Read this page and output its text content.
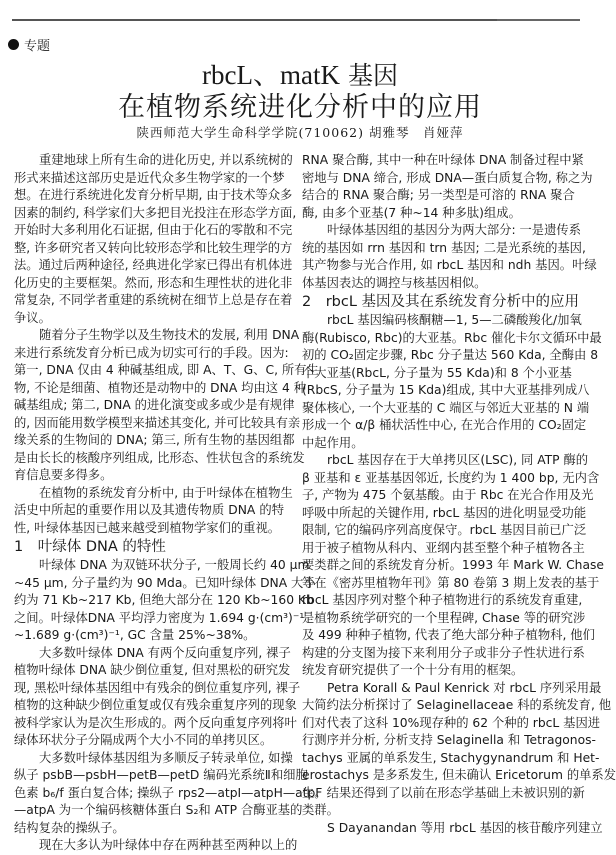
专题
rbcL、matK 基因
在植物系统进化分析中的应用
陕西师范大学生命科学学院(710062) 胡雅琴　肖娅萍
重建地球上所有生命的进化历史, 并以系统树的
形式来描述这部历史是近代众多生物学家的一个梦
想。在进行系统进化发育分析早期, 由于技术等众多
因素的制约, 科学家们大多把目光投注在形态学方面,
开始时大多利用化石证据, 但由于化石的零散和不完
整, 许多研究者又转向比较形态学和比较生理学的方
法。通过后两种途径, 经典进化学家已得出有机体进
化历史的主要框架。然而, 形态和生理性状的进化非
常复杂, 不同学者重建的系统树在细节上总是存在着
争议。
随着分子生物学以及生物技术的发展, 利用 DNA
来进行系统发育分析已成为切实可行的手段。因为:
第一, DNA 仅由 4 种碱基组成, 即 A、T、G、C, 所有生
物, 不论是细菌、植物还是动物中的 DNA 均由这 4 种
碱基组成; 第二, DNA 的进化演变或多或少是有规律
的, 因而能用数学模型来描述其变化, 并可比较具有亲
缘关系的生物间的 DNA; 第三, 所有生物的基因组都
是由长长的核酸序列组成, 比形态、性状包含的系统发
育信息要多得多。
在植物的系统发育分析中, 由于叶绿体在植物生
活史中所起的重要作用以及其遗传物质 DNA 的特
性, 叶绿体基因已越来越受到植物学家们的重视。
1　叶绿体 DNA 的特性
叶绿体 DNA 为双链环状分子, 一般周长约 40 μm
~45 μm, 分子量约为 90 Mda。已知叶绿体 DNA 大小
约为 71 Kb~217 Kb, 但绝大部分在 120 Kb~160 Kb
之间。叶绿体DNA 平均浮力密度为 1.694 g·(cm³)⁻¹
~1.689 g·(cm³)⁻¹, GC 含量 25%~38%。
大多数叶绿体 DNA 有两个反向重复序列, 裸子
植物叶绿体 DNA 缺少倒位重复, 但对黑松的研究发
现, 黑松叶绿体基因组中有残余的倒位重复序列, 裸子
植物的这种缺少倒位重复或仅有残余重复序列的现象
被科学家认为是次生形成的。两个反向重复序列将叶
绿体环状分子分隔成两个大小不同的单拷贝区。
大多数叶绿体基因组为多顺反子转录单位, 如操
纵子 psbB—psbH—petB—petD 编码光系统Ⅱ和细胞
色素 b₆/f 蛋白复合体; 操纵子 rps2—atpI—atpH—atpF
—atpA 为一个编码核糖体蛋白 S₂和 ATP 合酶亚基的
结构复杂的操纵子。
现在大多认为叶绿体中存在两种甚至两种以上的
RNA 聚合酶, 其中一种在叶绿体 DNA 制备过程中紧
密地与 DNA 缔合, 形成 DNA—蛋白质复合物, 称之为
结合的 RNA 聚合酶; 另一类型是可溶的 RNA 聚合
酶, 由多个亚基(7 种~14 种多肽)组成。
叶绿体基因组的基因分为两大部分: 一是遗传系
统的基因如 rrn 基因和 trn 基因; 二是光系统的基因,
其产物参与光合作用, 如 rbcL 基因和 ndh 基因。叶绿
体基因表达的调控与核基因相似。
2　rbcL 基因及其在系统发育分析中的应用
rbcL 基因编码核酮糖—1, 5—二磷酸羧化/加氧
酶(Rubisco, Rbc)的大亚基。Rbc 催化卡尔文循环中最
初的 CO₂固定步骤, Rbc 分子量达 560 Kda, 全酶由 8
个大亚基(RbcL, 分子量为 55 Kda)和 8 个小亚基
(RbcS, 分子量为 15 Kda)组成, 其中大亚基排列成八
聚体核心, 一个大亚基的 C 端区与邻近大亚基的 N 端
形成一个 α/β 桶状活性中心, 在光合作用的 CO₂固定
中起作用。
rbcL 基因存在于大单拷贝区(LSC), 同 ATP 酶的
β 亚基和 ε 亚基基因邻近, 长度约为 1 400 bp, 无内含
子, 产物为 475 个氨基酸。由于 Rbc 在光合作用及光
呼吸中所起的关键作用, rbcL 基因的进化明显受功能
限制, 它的编码序列高度保守。rbcL 基因目前已广泛
用于被子植物从科内、亚纲内甚至整个种子植物各主
要类群之间的系统发育分析。1993 年 Mark W. Chase
等在《密苏里植物年刊》第 80 卷第 3 期上发表的基于
rbcL 基因序列对整个种子植物进行的系统发育重建,
是植物系统学研究的一个里程碑, Chase 等的研究涉
及 499 种种子植物, 代表了绝大部分种子植物科, 他们
构建的分支图为接下来利用分子或非分子性状进行系
统发育研究提供了一个十分有用的框架。
Petra Korall & Paul Kenrick 对 rbcL 序列采用最
大简约法分析探讨了 Selaginellaceae 科的系统发育, 他
们对代表了这科 10%现存种的 62 个种的 rbcL 基因进
行测序并分析, 分析支持 Selaginella 和 Tetragonos-
tachys 亚属的单系发生, Stachygynandrum 和 Het-
erostachys 是多系发生, 但未确认 Ericetorum 的单系发
生。结果还得到了以前在形态学基础上未被识别的新
类群。
S Dayanandan 等用 rbcL 基因的核苷酸序列建立
